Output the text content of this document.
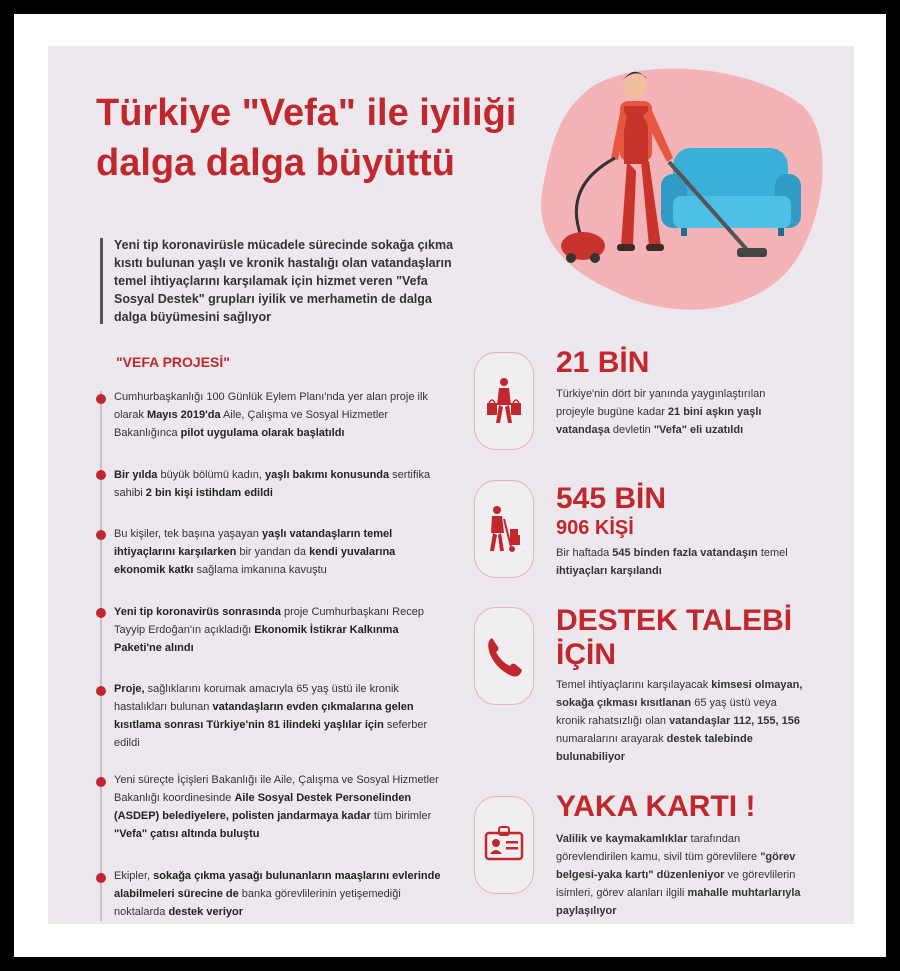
Türkiye "Vefa" ile iyiliği dalga dalga büyüttü

Yeni tip koronavirüsle mücadele sürecinde sokağa çıkma kısıtı bulunan yaşlı ve kronik hastalığı olan vatandaşların temel ihtiyaçlarını karşılamak için hizmet veren "Vefa Sosyal Destek" grupları iyilik ve merhametin de dalga dalga büyümesini sağlıyor

"VEFA PROJESİ"

Cumhurbaşkanlığı 100 Günlük Eylem Planı'nda yer alan proje ilk olarak Mayıs 2019'da Aile, Çalışma ve Sosyal Hizmetler Bakanlığınca pilot uygulama olarak başlatıldı

Bir yılda büyük bölümü kadın, yaşlı bakımı konusunda sertifika sahibi 2 bin kişi istihdam edildi

Bu kişiler, tek başına yaşayan yaşlı vatandaşların temel ihtiyaçlarını karşılarken bir yandan da kendi yuvalarına ekonomik katkı sağlama imkanına kavuştu

Yeni tip koronavirüs sonrasında proje Cumhurbaşkanı Recep Tayyip Erdoğan'ın açıkladığı Ekonomik İstikrar Kalkınma Paketi'ne alındı

Proje, sağlıklarını korumak amacıyla 65 yaş üstü ile kronik hastalıkları bulunan vatandaşların evden çıkmalarına gelen kısıtlama sonrası Türkiye'nin 81 ilindeki yaşlılar için seferber edildi

Yeni süreçte İçişleri Bakanlığı ile Aile, Çalışma ve Sosyal Hizmetler Bakanlığı koordinesinde Aile Sosyal Destek Personelinden (ASDEP) belediyelere, polisten jandarmaya kadar tüm birimler "Vefa" çatısı altında buluştu

Ekipler, sokağa çıkma yasağı bulunanların maaşlarını evlerinde alabilmeleri sürecine de banka görevlilerinin yetişemediği noktalarda destek veriyor

21 BİN

Türkiye'nin dört bir yanında yaygınlaştırılan projeyle bugüne kadar 21 bini aşkın yaşlı vatandaşa devletin "Vefa" eli uzatıldı

545 BİN
906 KİŞİ

Bir haftada 545 binden fazla vatandaşın temel ihtiyaçları karşılandı

DESTEK TALEBİ İÇİN

Temel ihtiyaçlarını karşılayacak kimsesi olmayan, sokağa çıkması kısıtlanan 65 yaş üstü veya kronik rahatsızlığı olan vatandaşlar 112, 155, 156 numaralarını arayarak destek talebinde bulunabiliyor

YAKA KARTI !

Valilik ve kaymakamlıklar tarafından görevlendirilen kamu, sivil tüm görevlilere "görev belgesi-yaka kartı" düzenleniyor ve görevlilerin isimleri, görev alanları ilgili mahalle muhtarlarıyla paylaşılıyor
